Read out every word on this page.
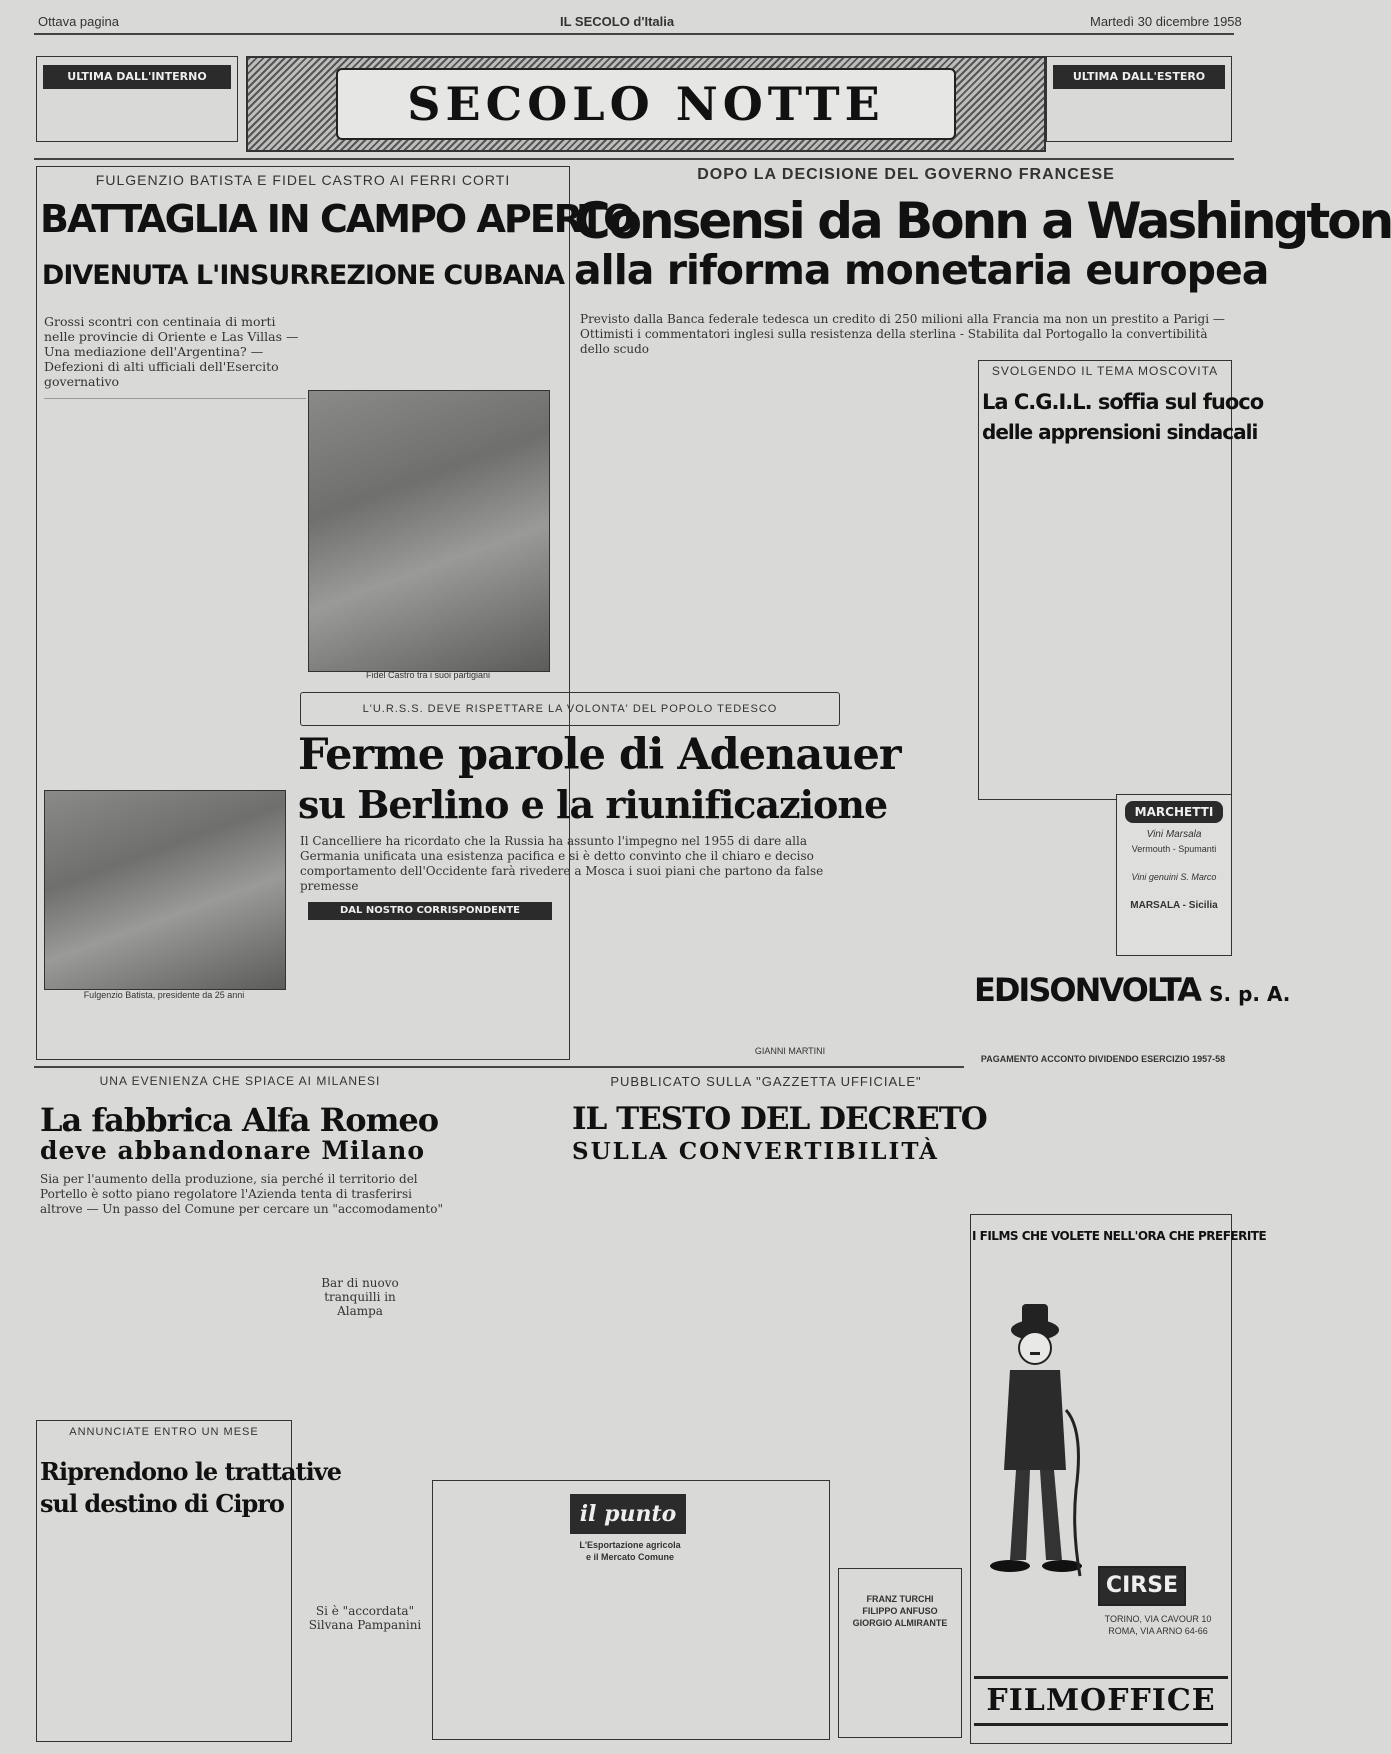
Ottava pagina	IL SECOLO d'Italia	Martedì 30 dicembre 1958
ULTIMA DALL'INTERNO
SECOLO NOTTE
ULTIMA DALL'ESTERO
FULGENZIO BATISTA E FIDEL CASTRO AI FERRI CORTI
BATTAGLIA IN CAMPO APERTO
DIVENUTA L'INSURREZIONE CUBANA
Grossi scontri con centinaia di morti nelle provincie di Oriente e Las Villas — Una mediazione dell'Argentina? — Defezioni di alti ufficiali dell'Esercito governativo
Fidel Castro tra i suoi partigiani
Fulgenzio Batista, presidente da 25 anni
DOPO LA DECISIONE DEL GOVERNO FRANCESE
Consensi da Bonn a Washington
alla riforma monetaria europea
Previsto dalla Banca federale tedesca un credito di 250 milioni alla Francia ma non un prestito a Parigi — Ottimisti i commentatori inglesi sulla resistenza della sterlina - Stabilita dal Portogallo la convertibilità dello scudo
SVOLGENDO IL TEMA MOSCOVITA
La C.G.I.L. soffia sul fuoco
delle apprensioni sindacali
L'U.R.S.S. DEVE RISPETTARE LA VOLONTA' DEL POPOLO TEDESCO
Ferme parole di Adenauer
su Berlino e la riunificazione
Il Cancelliere ha ricordato che la Russia ha assunto l'impegno nel 1955 di dare alla Germania unificata una esistenza pacifica e si è detto convinto che il chiaro e deciso comportamento dell'Occidente farà rivedere a Mosca i suoi piani che partono da false premesse
DAL NOSTRO CORRISPONDENTE
GIANNI MARTINI
MARCHETTI
Vini Marsala
Vermouth - Spumanti
Vini genuini S. Marco
MARSALA - Sicilia
EDISONVOLTA S. p. A.
PAGAMENTO ACCONTO DIVIDENDO ESERCIZIO 1957-58
UNA EVENIENZA CHE SPIACE AI MILANESI
La fabbrica Alfa Romeo
deve abbandonare Milano
Sia per l'aumento della produzione, sia perché il territorio del Portello è sotto piano regolatore l'Azienda tenta di trasferirsi altrove — Un passo del Comune per cercare un "accomodamento"
Bar di nuovo tranquilli in Alampa
PUBBLICATO SULLA "GAZZETTA UFFICIALE"
IL TESTO DEL DECRETO
SULLA CONVERTIBILITÀ
ANNUNCIATE ENTRO UN MESE
Riprendono le trattative
sul destino di Cipro
Si è "accordata" Silvana Pampanini
il punto
L'Esportazione agricola
e il Mercato Comune
FRANZ TURCHI
FILIPPO ANFUSO
GIORGIO ALMIRANTE
I FILMS CHE VOLETE NELL'ORA CHE PREFERITE
CIRSE
TORINO, VIA CAVOUR 10
ROMA, VIA ARNO 64-66
FILMOFFICE
